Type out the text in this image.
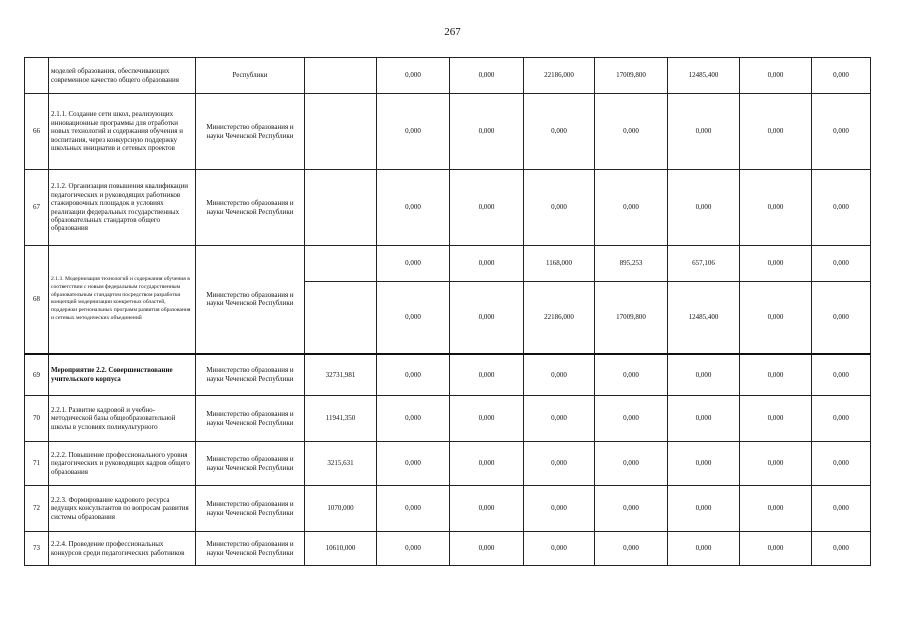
267
	моделей образования, обеспечивающих современное качество общего образования	Республики		0,000	0,000	22186,000	17009,800	12485,400	0,000	0,000
66	2.1.1. Создание сети школ, реализующих инновационные программы для отработки новых технологий и содержания обучения и воспитания, через конкурсную поддержку школьных инициатив и сетевых проектов	Министерство образования и науки Чеченской Республики		0,000	0,000	0,000	0,000	0,000	0,000	0,000
67	2.1.2. Организация повышения квалификации педагогических и руководящих работников стажировочных площадок в условиях реализации федеральных государственных образовательных стандартов общего образования	Министерство образования и науки Чеченской Республики		0,000	0,000	0,000	0,000	0,000	0,000	0,000
68	2.1.3. Модернизация технологий и содержания обучения в соответствии с новым федеральным государственным образовательным стандартом посредством разработки концепций модернизации конкретных областей, поддержки региональных программ развития образования и сетевых методических объединений	Министерство образования и науки Чеченской Республики		0,000	0,000	1168,000	895,253	657,106	0,000	0,000
				0,000	0,000	22186,000	17009,800	12485,400	0,000	0,000
69	Мероприятие 2.2. Совершенствование учительского корпуса	Министерство образования и науки Чеченской Республики	32731,981	0,000	0,000	0,000	0,000	0,000	0,000	0,000
70	2.2.1. Развитие кадровой и учебно-методической базы общеобразовательной школы в условиях поликультурного	Министерство образования и науки Чеченской Республики	11941,350	0,000	0,000	0,000	0,000	0,000	0,000	0,000
71	2.2.2. Повышение профессионального уровня педагогических и руководящих кадров общего образования	Министерство образования и науки Чеченской Республики	3215,631	0,000	0,000	0,000	0,000	0,000	0,000	0,000
72	2.2.3. Формирование кадрового ресурса ведущих консультантов по вопросам развития системы образования	Министерство образования и науки Чеченской Республики	1070,000	0,000	0,000	0,000	0,000	0,000	0,000	0,000
73	2.2.4. Проведение профессиональных конкурсов среди педагогических работников	Министерство образования и науки Чеченской Республики	10610,000	0,000	0,000	0,000	0,000	0,000	0,000	0,000
